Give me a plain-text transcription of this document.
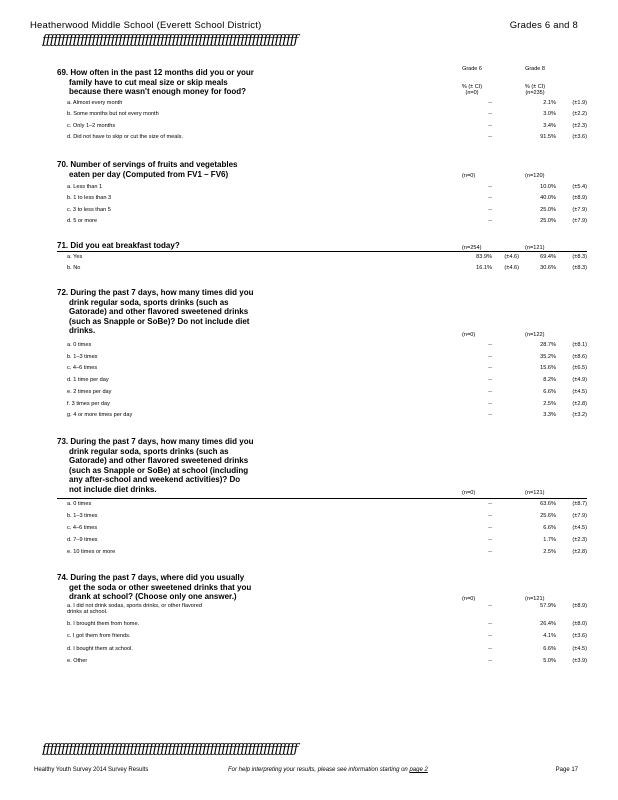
Heatherwood Middle School (Everett School District)	Grades 6 and 8
ƒƒƒƒƒƒƒƒƒƒƒƒƒƒƒƒƒƒƒƒƒƒƒƒƒƒƒƒƒƒƒƒƒƒƒƒƒƒƒƒƒƒƒƒƒƒƒƒƒƒƒƒƒƒƒƒƒƒƒƒƒƒƒƒƒƒƒ
Grade 6	Grade 8
% (± CI)	% (± CI)
(n=0)	(n=235)
69. How often in the past 12 months did you or your
family have to cut meal size or skip meals
because there wasn't enough money for food?
a. Almost every month	--	2.1%	(±1.9)
b. Some months but not every month	--	3.0%	(±2.2)
c. Only 1–2 months	--	3.4%	(±2.3)
d. Did not have to skip or cut the size of meals.	--	91.5%	(±3.6)
70. Number of servings of fruits and vegetables
eaten per day (Computed from FV1 – FV6)	(n=0)	(n=120)
a. Less than 1	--	10.0%	(±5.4)
b. 1 to less than 3	--	40.0%	(±8.9)
c. 3 to less than 5	--	25.0%	(±7.9)
d. 5 or more	--	25.0%	(±7.9)
71. Did you eat breakfast today?	(n=254)	(n=121)
a. Yes	83.9%	(±4.6)	69.4%	(±8.3)
b. No	16.1%	(±4.6)	30.6%	(±8.3)
72. During the past 7 days, how many times did you
drink regular soda, sports drinks (such as
Gatorade) and other flavored sweetened drinks
(such as Snapple or SoBe)? Do not include diet
drinks.	(n=0)	(n=122)
a. 0 times	--	28.7%	(±8.1)
b. 1–3 times	--	35.2%	(±8.6)
c. 4–6 times	--	15.6%	(±6.5)
d. 1 time per day	--	8.2%	(±4.9)
e. 2 times per day	--	6.6%	(±4.5)
f. 3 times per day	--	2.5%	(±2.8)
g. 4 or more times per day	--	3.3%	(±3.2)
73. During the past 7 days, how many times did you
drink regular soda, sports drinks (such as
Gatorade) and other flavored sweetened drinks
(such as Snapple or SoBe) at school (including
any after-school and weekend activities)? Do
not include diet drinks.	(n=0)	(n=121)
a. 0 times	--	63.6%	(±8.7)
b. 1–3 times	--	25.6%	(±7.9)
c. 4–6 times	--	6.6%	(±4.5)
d. 7–9 times	--	1.7%	(±2.3)
e. 10 times or more	--	2.5%	(±2.8)
74. During the past 7 days, where did you usually
get the soda or other sweetened drinks that you
drank at school? (Choose only one answer.)	(n=0)	(n=121)
a. I did not drink sodas, sports drinks, or other flavored
drinks at school.
--	57.9%	(±8.9)
b. I brought them from home.	--	26.4%	(±8.0)
c. I got them from friends.	--	4.1%	(±3.6)
d. I bought them at school.	--	6.6%	(±4.5)
e. Other	--	5.0%	(±3.9)
ƒƒƒƒƒƒƒƒƒƒƒƒƒƒƒƒƒƒƒƒƒƒƒƒƒƒƒƒƒƒƒƒƒƒƒƒƒƒƒƒƒƒƒƒƒƒƒƒƒƒƒƒƒƒƒƒƒƒƒƒƒƒƒƒƒƒƒ
Healthy Youth Survey 2014 Survey Results	For help interpreting your results, please see information starting on page 2	Page 17
